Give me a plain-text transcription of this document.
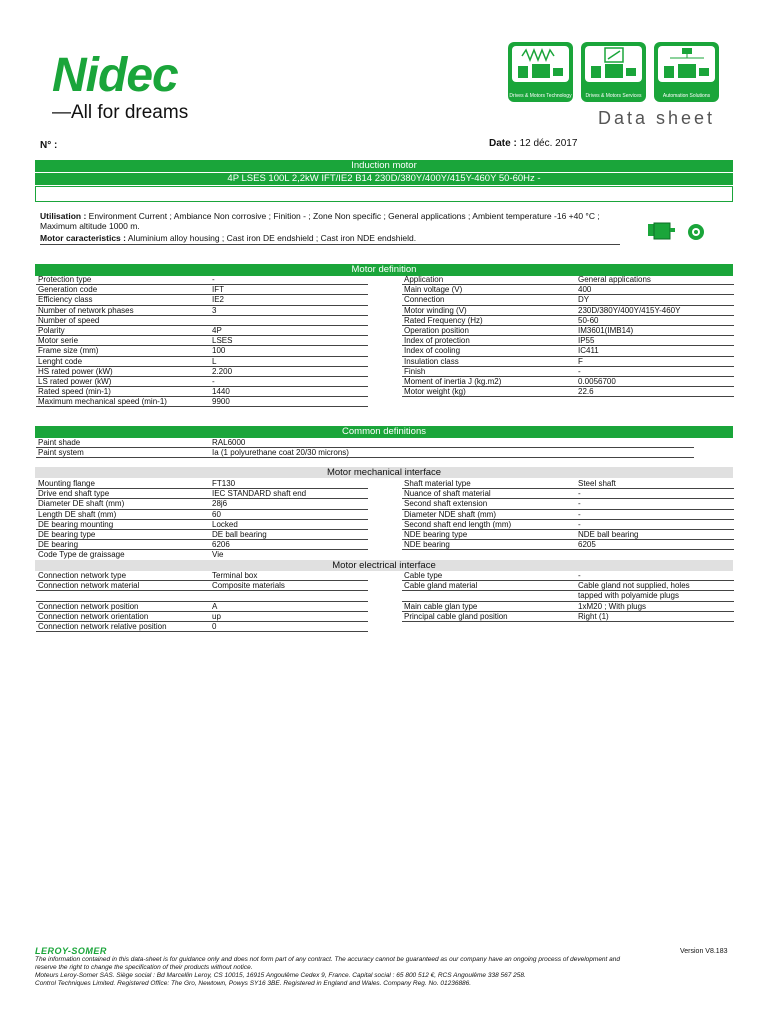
Nidec
—All for dreams
Drives & Motors Technology	Drives & Motors Services	Automation Solutions
Data sheet
N° :	Date : 12 déc. 2017
Induction motor
4P LSES 100L 2,2kW IFT/IE2 B14 230D/380Y/400Y/415Y-460Y 50-60Hz -
Utilisation : Environment Current ; Ambiance Non corrosive ; Finition - ; Zone Non specific ; General applications ; Ambient temperature -16 +40 °C ; Maximum altitude 1000 m.
Motor caracteristics : Aluminium alloy housing ; Cast iron DE endshield ; Cast iron NDE endshield.
Motor definition
Protection type	-
Generation code	IFT
Efficiency class	IE2
Number of network phases	3
Number of speed	
Polarity	4P
Motor serie	LSES
Frame size (mm)	100
Lenght code	L
HS rated power (kW)	2.200
LS rated power (kW)	-
Rated speed (min-1)	1440
Maximum mechanical speed (min-1)	9900
Application	General applications
Main voltage (V)	400
Connection	DY
Motor winding (V)	230D/380Y/400Y/415Y-460Y
Rated Frequency (Hz)	50-60
Operation position	IM3601(IMB14)
Index of protection	IP55
Index of cooling	IC411
Insulation class	F
Finish	-
Moment of inertia J (kg.m2)	0.0056700
Motor weight (kg)	22.6
Common definitions
Paint shade	RAL6000
Paint system	Ia (1 polyurethane coat 20/30 microns)
Motor mechanical interface
Mounting flange	FT130
Drive end shaft type	IEC STANDARD shaft end
Diameter DE shaft (mm)	28j6
Length DE shaft (mm)	60
DE bearing mounting	Locked
DE bearing type	DE ball bearing
DE bearing	6206
Code Type de graissage	Vie
Shaft material type	Steel shaft
Nuance of shaft material	-
Second shaft extension	-
Diameter NDE shaft (mm)	-
Second shaft end length (mm)	-
NDE bearing type	NDE ball bearing
NDE bearing	6205
Motor electrical interface
Connection network type	Terminal box
Connection network material	Composite materials

Connection network position	A
Connection network orientation	up
Connection network relative position	0
Cable type	-
Cable gland material	Cable gland not supplied, holes
	tapped with polyamide plugs
Main cable glan type	1xM20 ; With plugs
Principal cable gland position	Right (1)
LEROY-SOMER	Version V8.183
The information contained in this data-sheet is for guidance only and does not form part of any contract. The accuracy cannot be guaranteed as our company have an ongoing process of development and
reserve the right to change the specification of their products without notice.
Moteurs Leroy-Somer SAS. Siège social : Bd Marcellin Leroy, CS 10015, 16915 Angoulême Cedex 9, France. Capital social : 65 800 512 €, RCS Angoulême 338 567 258.
Control Techniques Limited. Registered Office: The Gro, Newtown, Powys SY16 3BE. Registered in England and Wales. Company Reg. No. 01236886.
